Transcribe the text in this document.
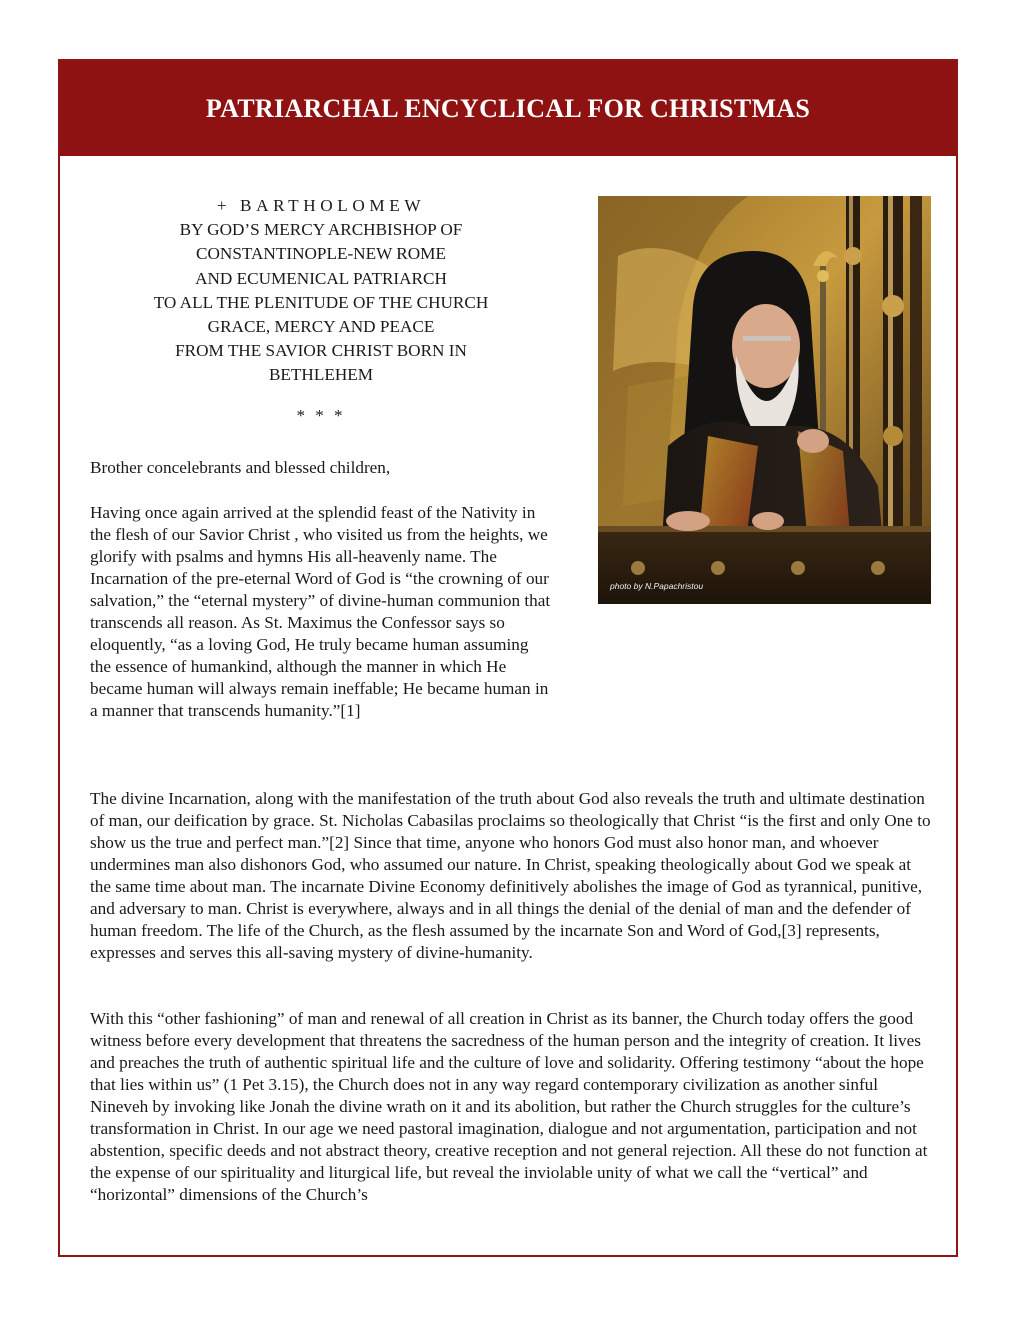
PATRIARCHAL ENCYCLICAL FOR CHRISTMAS
+ BARTHOLOMEW
BY GOD’S MERCY ARCHBISHOP OF
CONSTANTINOPLE-NEW ROME
AND ECUMENICAL PATRIARCH
TO ALL THE PLENITUDE OF THE CHURCH
GRACE, MERCY AND PEACE
FROM THE SAVIOR CHRIST BORN IN
BETHLEHEM
* * *
photo by N.Papachristou

Brother concelebrants and blessed children,

Having once again arrived at the splendid feast of the Nativity in the flesh of our Savior Christ , who visited us from the heights, we glorify with psalms and hymns His all-heavenly name. The Incarnation of the pre-eternal Word of God is “the crowning of our salvation,” the “eternal mystery” of divine-human communion that transcends all reason. As St. Maximus the Confessor says so eloquently, “as a loving God, He truly became human assuming the essence of humankind, although the manner in which He became human will always remain ineffable; He became human in a manner that transcends humanity.”[1]

The divine Incarnation, along with the manifestation of the truth about God also reveals the truth and ultimate destination of man, our deification by grace. St. Nicholas Cabasilas proclaims so theologically that Christ “is the first and only One to show us the true and perfect man.”[2] Since that time, anyone who honors God must also honor man, and whoever undermines man also dishonors God, who assumed our nature. In Christ, speaking theologically about God we speak at the same time about man. The incarnate Divine Economy definitively abolishes the image of God as tyrannical, punitive, and adversary to man. Christ is everywhere, always and in all things the denial of the denial of man and the defender of human freedom. The life of the Church, as the flesh assumed by the incarnate Son and Word of God,[3] represents, expresses and serves this all-saving mystery of divine-humanity.

With this “other fashioning” of man and renewal of all creation in Christ as its banner, the Church today offers the good witness before every development that threatens the sacredness of the human person and the integrity of creation. It lives and preaches the truth of authentic spiritual life and the culture of love and solidarity. Offering testimony “about the hope that lies within us” (1 Pet 3.15), the Church does not in any way regard contemporary civilization as another sinful Nineveh by invoking like Jonah the divine wrath on it and its abolition, but rather the Church struggles for the culture’s transformation in Christ. In our age we need pastoral imagination, dialogue and not argumentation, participation and not abstention, specific deeds and not abstract theory, creative reception and not general rejection. All these do not function at the expense of our spirituality and liturgical life, but reveal the inviolable unity of what we call the “vertical” and “horizontal” dimensions of the Church’s
